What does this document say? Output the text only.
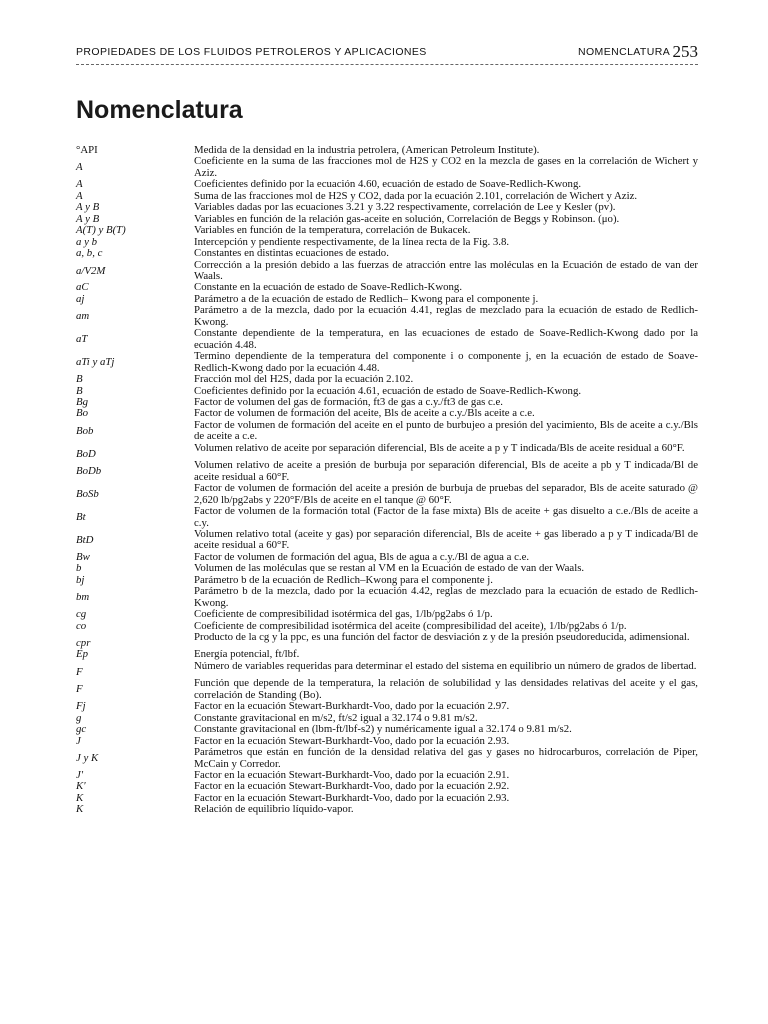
PROPIEDADES DE LOS FLUIDOS PETROLEROS Y APLICACIONES	NOMENCLATURA 253
Nomenclatura
°API	Medida de la densidad en la industria petrolera, (American Petroleum Institute).
A	Coeficiente en la suma de las fracciones mol de H2S y CO2 en la mezcla de gases en la correlación de Wichert y Aziz.
A	Coeficientes definido por la ecuación 4.60, ecuación de estado de Soave-Redlich-Kwong.
A	Suma de las fracciones mol de H2S y CO2, dada por la ecuación 2.101, correlación de Wichert y Aziz.
A y B	Variables dadas por las ecuaciones 3.21 y 3.22 respectivamente, correlación de Lee y Kesler (pv).
A y B	Variables en función de la relación gas-aceite en solución, Correlación de Beggs y Robinson. (μo).
A(T) y B(T)	Variables en función de la temperatura, correlación de Bukacek.
a y b	Intercepción y pendiente respectivamente, de la línea recta de la Fig. 3.8.
a, b, c	Constantes en distintas ecuaciones de estado.
a/V2M	Corrección a la presión debido a las fuerzas de atracción entre las moléculas en la Ecuación de estado de van der Waals.
aC	Constante en la ecuación de estado de Soave-Redlich-Kwong.
aj	Parámetro a de la ecuación de estado de Redlich– Kwong para el componente j.
am	Parámetro a de la mezcla, dado por la ecuación 4.41, reglas de mezclado para la ecuación de estado de Redlich-Kwong.
aT	Constante dependiente de la temperatura, en las ecuaciones de estado de Soave-Redlich-Kwong dado por la ecuación 4.48.
aTi y aTj	Termino dependiente de la temperatura del componente i o componente j, en la ecuación de estado de Soave-Redlich-Kwong dado por la ecuación 4.48.
B	Fracción mol del H2S, dada por la ecuación 2.102.
B	Coeficientes definido por la ecuación 4.61, ecuación de estado de Soave-Redlich-Kwong.
Bg	Factor de volumen del gas de formación, ft3 de gas a c.y./ft3 de gas c.e.
Bo	Factor de volumen de formación del aceite, Bls de aceite a c.y./Bls aceite a c.e.
Bob	Factor de volumen de formación del aceite en el punto de burbujeo a presión del yacimiento, Bls de aceite a c.y./Bls de aceite a c.e.
BoD	Volumen relativo de aceite por separación diferencial, Bls de aceite a p y T indicada/Bls de aceite residual a 60°F.
BoDb	Volumen relativo de aceite a presión de burbuja por separación diferencial, Bls de aceite a pb y T indicada/Bl de aceite residual a 60°F.
BoSb	Factor de volumen de formación del aceite a presión de burbuja de pruebas del separador, Bls de aceite saturado @ 2,620 lb/pg2abs y 220°F/Bls de aceite en el tanque @ 60°F.
Bt	Factor de volumen de la formación total (Factor de la fase mixta) Bls de aceite + gas disuelto a c.e./Bls de aceite a c.y.
BtD	Volumen relativo total (aceite y gas) por separación diferencial, Bls de aceite + gas liberado a p y T indicada/Bl de aceite residual a 60°F.
Bw	Factor de volumen de formación del agua, Bls de agua a c.y./Bl de agua a c.e.
b	Volumen de las moléculas que se restan al VM en la Ecuación de estado de van der Waals.
bj	Parámetro b de la ecuación de Redlich–Kwong para el componente j.
bm	Parámetro b de la mezcla, dado por la ecuación 4.42, reglas de mezclado para la ecuación de estado de Redlich-Kwong.
cg	Coeficiente de compresibilidad isotérmica del gas, 1/lb/pg2abs ó 1/p.
co	Coeficiente de compresibilidad isotérmica del aceite (compresibilidad del aceite), 1/lb/pg2abs ó 1/p.
cpr	Producto de la cg y la ppc, es una función del factor de desviación z y de la presión pseudoreducida, adimensional.
Ep	Energía potencial, ft/lbf.
F	Número de variables requeridas para determinar el estado del sistema en equilibrio un número de grados de libertad.
F	Función que depende de la temperatura, la relación de solubilidad y las densidades relativas del aceite y el gas, correlación de Standing (Bo).
Fj	Factor en la ecuación Stewart-Burkhardt-Voo, dado por la ecuación 2.97.
g	Constante gravitacional en m/s2, ft/s2 igual a 32.174 o 9.81 m/s2.
gc	Constante gravitacional en (lbm-ft/lbf-s2) y numéricamente igual a 32.174 o 9.81 m/s2.
J	Factor en la ecuación Stewart-Burkhardt-Voo, dado por la ecuación 2.93.
J y K	Parámetros que están en función de la densidad relativa del gas y gases no hidrocarburos, correlación de Piper, McCain y Corredor.
J'	Factor en la ecuación Stewart-Burkhardt-Voo, dado por la ecuación 2.91.
K'	Factor en la ecuación Stewart-Burkhardt-Voo, dado por la ecuación 2.92.
K	Factor en la ecuación Stewart-Burkhardt-Voo, dado por la ecuación 2.93.
K	Relación de equilibrio líquido-vapor.
